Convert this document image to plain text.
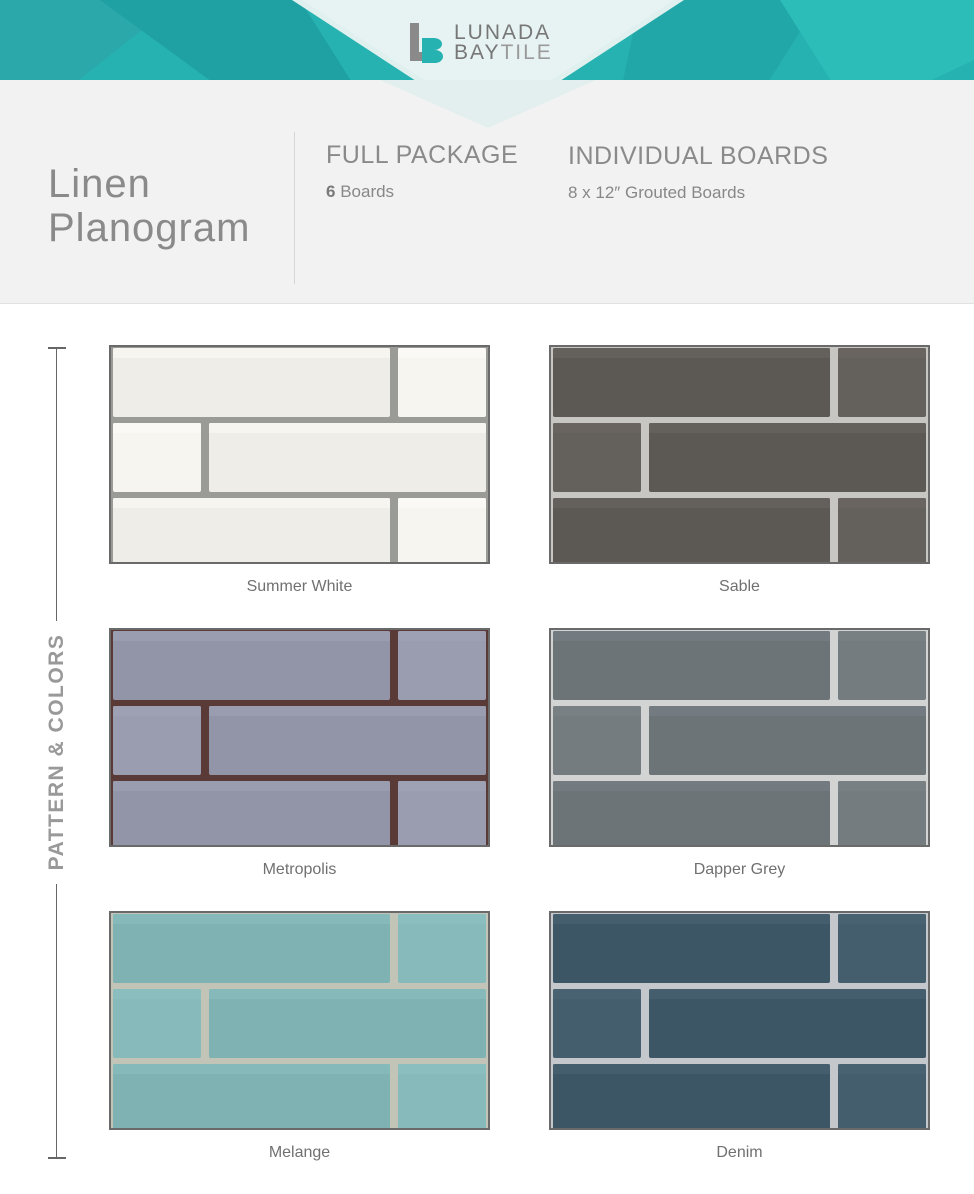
LUNADA
BAYTILE
Linen
Planogram
FULL PACKAGE
6 Boards
INDIVIDUAL BOARDS
8 x 12″ Grouted Boards
PATTERN & COLORS
Summer White	Sable
Metropolis	Dapper Grey
Melange	Denim
